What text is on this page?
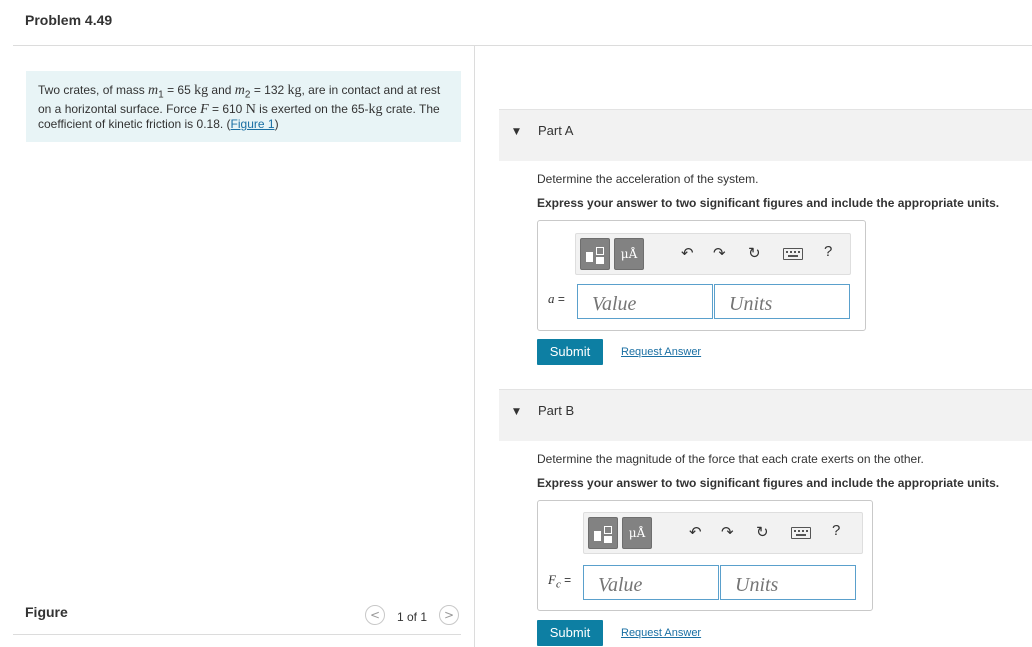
Problem 4.49
Two crates, of mass $m_1 = 65$ kg and $m_2 = 132$ kg, are in contact and at rest on a horizontal surface. Force F = 610 N is exerted on the 65-kg crate. The coefficient of kinetic friction is 0.18. (Figure 1)
Figure	<	1 of 1	>
▼ Part A
Determine the acceleration of the system.
Express your answer to two significant figures and include the appropriate units.
μÅ	↶ ↷ ↻	?
a =
Value
Units
Submit	Request Answer
▼ Part B
Determine the magnitude of the force that each crate exerts on the other.
Express your answer to two significant figures and include the appropriate units.
μÅ	↶ ↷ ↻	?
$F_c$ =
Value
Units
Submit	Request Answer
